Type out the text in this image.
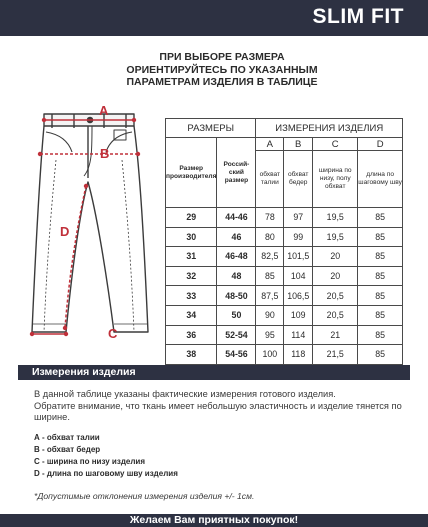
SLIM FIT
ПРИ ВЫБОРЕ РАЗМЕРА
ОРИЕНТИРУЙТЕСЬ ПО УКАЗАННЫМ
ПАРАМЕТРАМ ИЗДЕЛИЯ В ТАБЛИЦЕ
A
B
D
C
РАЗМЕРЫ		ИЗМЕРЕНИЯ ИЗДЕЛИЯ			
Размер производителя	Россий-ский размер	A	B	C	D
		обхват талии	обхват бедер	ширина по низу, полу обхват	длина по шаговому шву
29	44-46	78	97	19,5	85
30	46	80	99	19,5	85
31	46-48	82,5	101,5	20	85
32	48	85	104	20	85
33	48-50	87,5	106,5	20,5	85
34	50	90	109	20,5	85
36	52-54	95	114	21	85
38	54-56	100	118	21,5	85
Измерения изделия

В данной таблице указаны фактические измерения готового изделия.

Обратите внимание, что ткань имеет небольшую эластичность и изделие тянется по ширине.

А - обхват талии
В - обхват бедер
С - ширина по низу изделия
D - длина по шаговому шву изделия
*Допустимые отклонения измерения изделия +/- 1см.
Желаем Вам приятных покупок!
